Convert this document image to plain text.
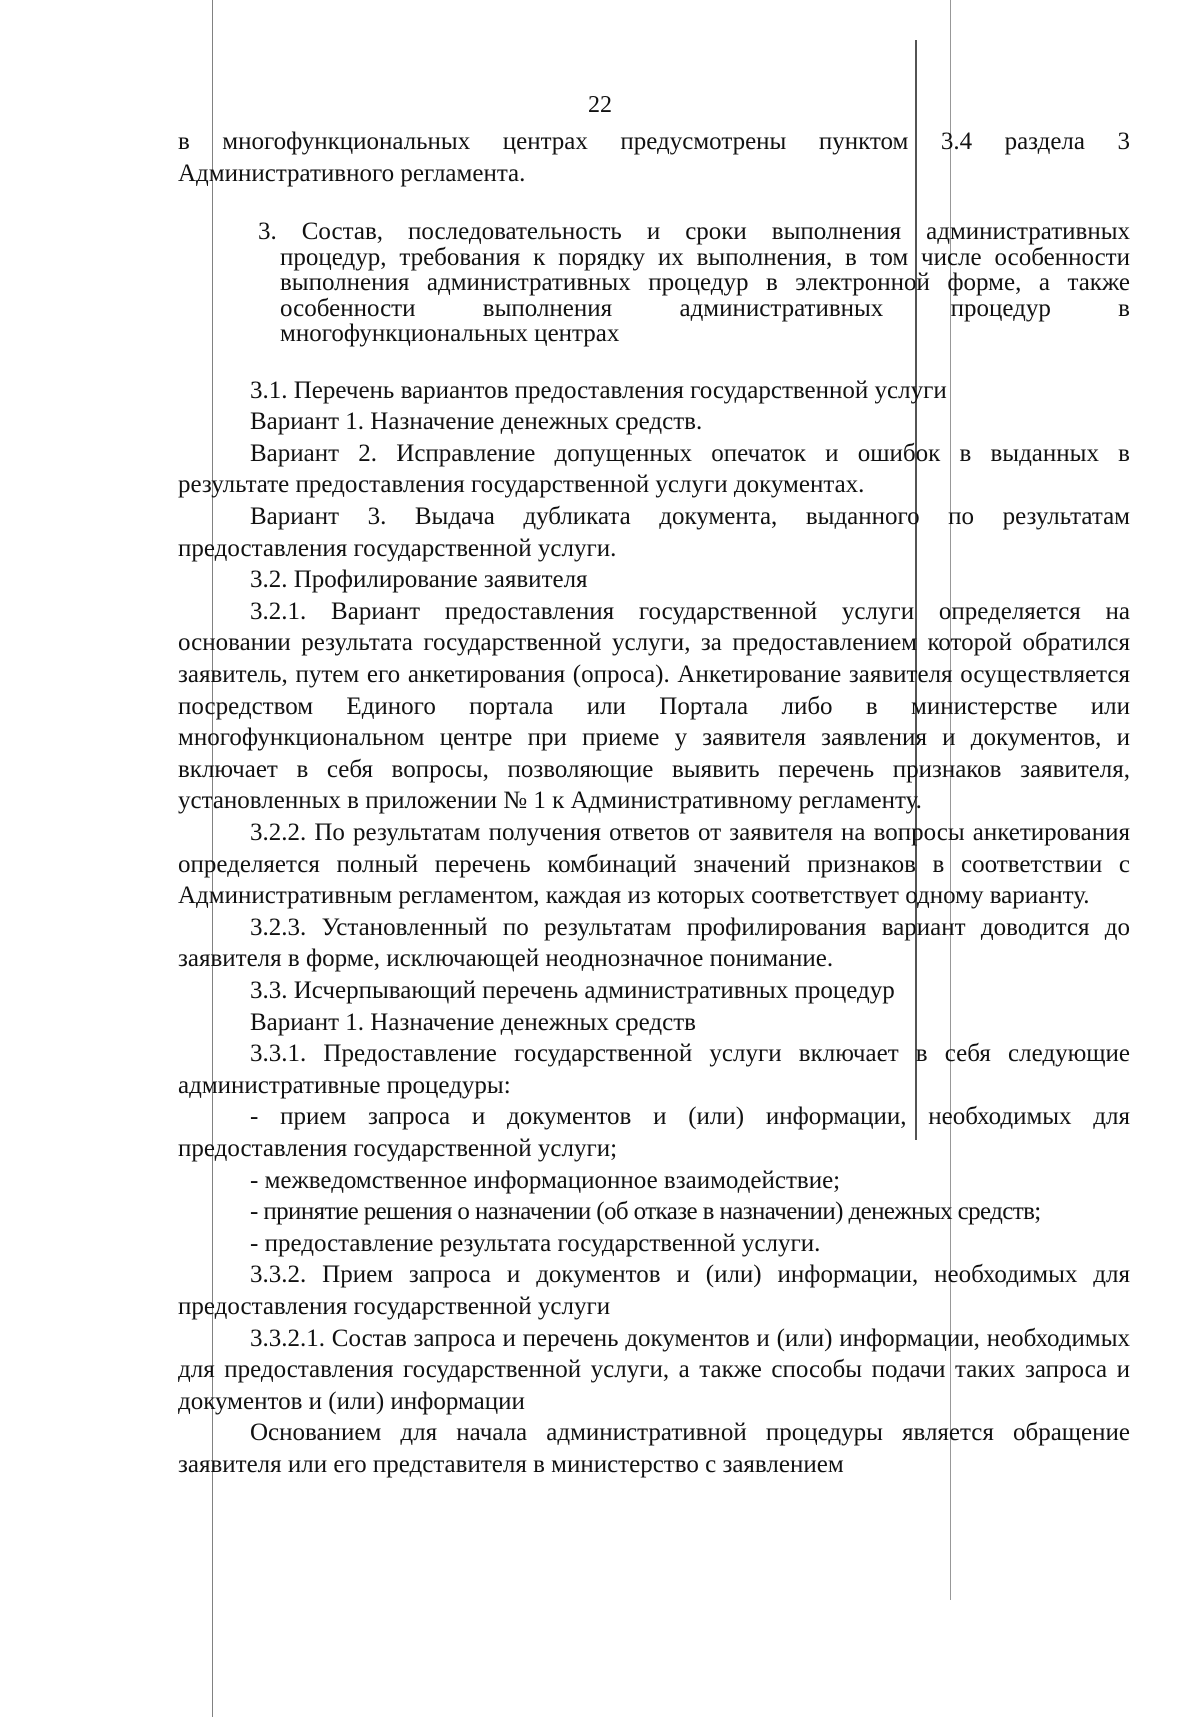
22

в многофункциональных центрах предусмотрены пунктом 3.4 раздела 3 Административного регламента.

3. Состав, последовательность и сроки выполнения административных процедур, требования к порядку их выполнения, в том числе особенности выполнения административных процедур в электронной форме, а также особенности выполнения административных процедур в многофункциональных центрах

3.1. Перечень вариантов предоставления государственной услуги

Вариант 1. Назначение денежных средств.

Вариант 2. Исправление допущенных опечаток и ошибок в выданных в результате предоставления государственной услуги документах.

Вариант 3. Выдача дубликата документа, выданного по результатам предоставления государственной услуги.

3.2. Профилирование заявителя

3.2.1. Вариант предоставления государственной услуги определяется на основании результата государственной услуги, за предоставлением которой обратился заявитель, путем его анкетирования (опроса). Анкетирование заявителя осуществляется посредством Единого портала или Портала либо в министерстве или многофункциональном центре при приеме у заявителя заявления и документов, и включает в себя вопросы, позволяющие выявить перечень признаков заявителя, установленных в приложении № 1 к Административному регламенту.

3.2.2. По результатам получения ответов от заявителя на вопросы анкетирования определяется полный перечень комбинаций значений признаков в соответствии с Административным регламентом, каждая из которых соответствует одному варианту.

3.2.3. Установленный по результатам профилирования вариант доводится до заявителя в форме, исключающей неоднозначное понимание.

3.3. Исчерпывающий перечень административных процедур

Вариант 1. Назначение денежных средств

3.3.1. Предоставление государственной услуги включает в себя следующие административные процедуры:

- прием запроса и документов и (или) информации, необходимых для предоставления государственной услуги;

- межведомственное информационное взаимодействие;

- принятие решения о назначении (об отказе в назначении) денежных средств;

- предоставление результата государственной услуги.

3.3.2. Прием запроса и документов и (или) информации, необходимых для предоставления государственной услуги

3.3.2.1. Состав запроса и перечень документов и (или) информации, необходимых для предоставления государственной услуги, а также способы подачи таких запроса и документов и (или) информации

Основанием для начала административной процедуры является обращение заявителя или его представителя в министерство с заявлением
